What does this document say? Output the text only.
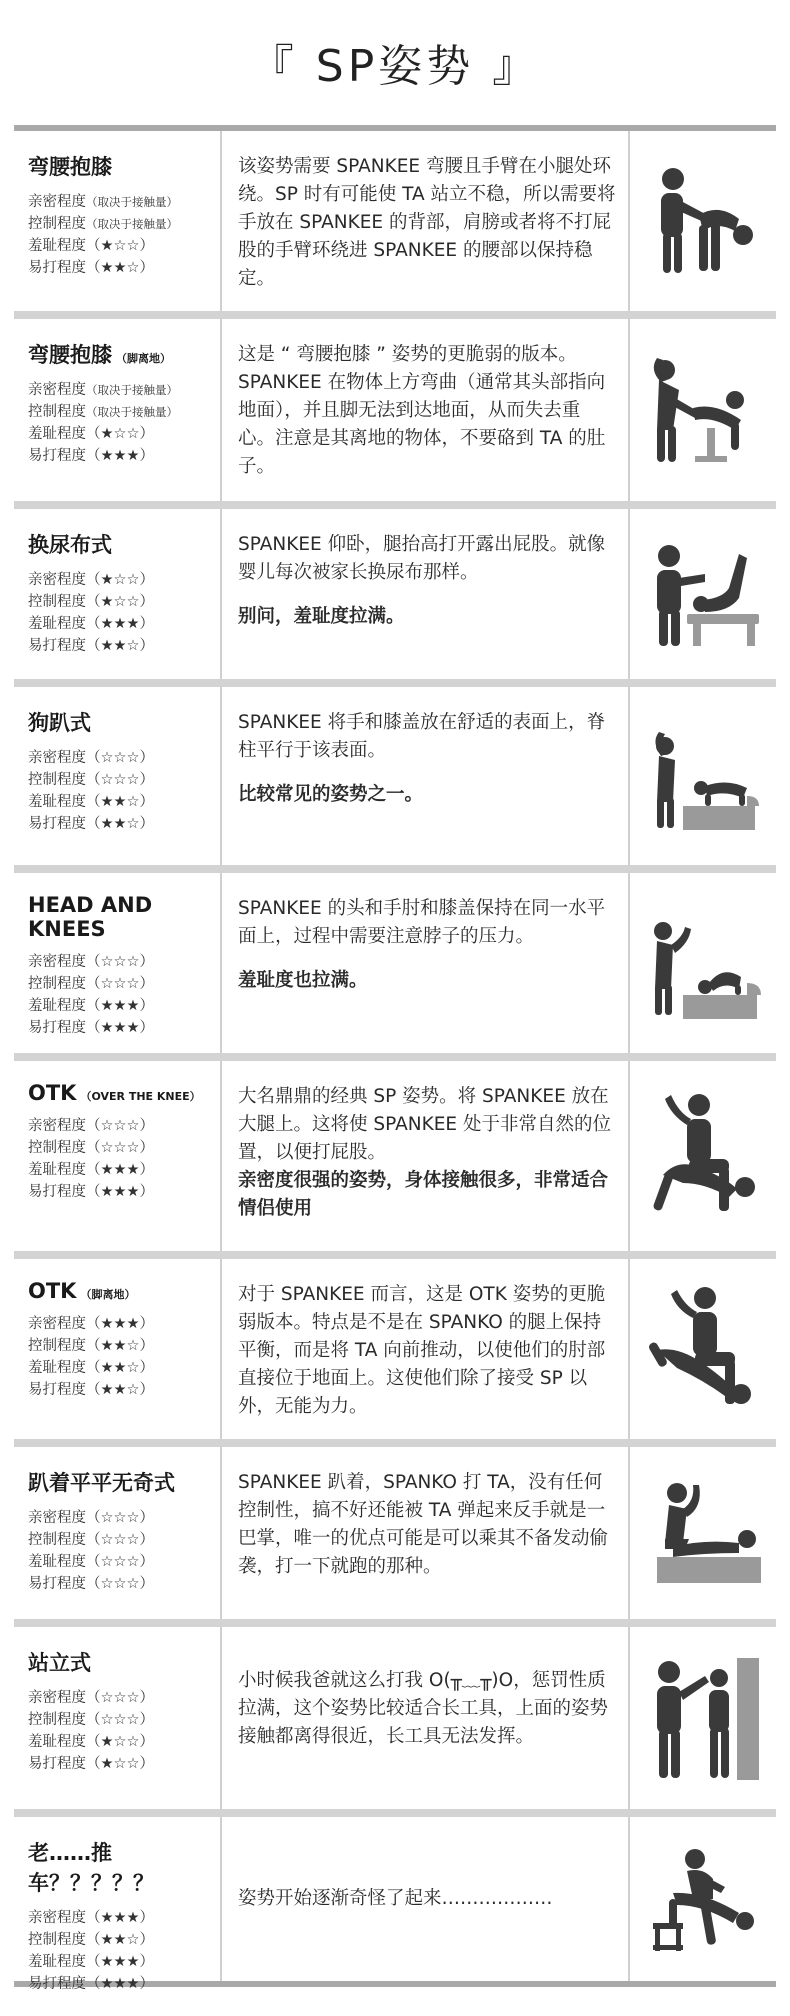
『 SP姿势 』
弯腰抱膝
亲密程度（取决于接触量）
控制程度（取决于接触量）
羞耻程度（★☆☆）
易打程度（★★☆）
该姿势需要 SPANKEE 弯腰且手臂在小腿处环绕。SP 时有可能使 TA 站立不稳，所以需要将手放在 SPANKEE 的背部，肩膀或者将不打屁股的手臂环绕进 SPANKEE 的腰部以保持稳定。
弯腰抱膝 （脚离地）
亲密程度（取决于接触量）
控制程度（取决于接触量）
羞耻程度（★☆☆）
易打程度（★★★）
这是 “ 弯腰抱膝 ” 姿势的更脆弱的版本。SPANKEE 在物体上方弯曲（通常其头部指向地面），并且脚无法到达地面，从而失去重心。注意是其离地的物体，不要硌到 TA 的肚子。
换尿布式
亲密程度（★☆☆）
控制程度（★☆☆）
羞耻程度（★★★）
易打程度（★★☆）
SPANKEE 仰卧，腿抬高打开露出屁股。就像婴儿每次被家长换尿布那样。
别问，羞耻度拉满。
狗趴式
亲密程度（☆☆☆）
控制程度（☆☆☆）
羞耻程度（★★☆）
易打程度（★★☆）
SPANKEE 将手和膝盖放在舒适的表面上，脊柱平行于该表面。
比较常见的姿势之一。
HEAD AND KNEES
亲密程度（☆☆☆）
控制程度（☆☆☆）
羞耻程度（★★★）
易打程度（★★★）
SPANKEE 的头和手肘和膝盖保持在同一水平面上，过程中需要注意脖子的压力。
羞耻度也拉满。
OTK （OVER THE KNEE）
亲密程度（☆☆☆）
控制程度（☆☆☆）
羞耻程度（★★★）
易打程度（★★★）
大名鼎鼎的经典 SP 姿势。将 SPANKEE 放在大腿上。这将使 SPANKEE 处于非常自然的位置，以便打屁股。
亲密度很强的姿势，身体接触很多，非常适合情侣使用
OTK （脚离地）
亲密程度（★★★）
控制程度（★★☆）
羞耻程度（★★☆）
易打程度（★★☆）
对于 SPANKEE 而言，这是 OTK 姿势的更脆弱版本。特点是不是在 SPANKO 的腿上保持平衡，而是将 TA 向前推动，以使他们的肘部直接位于地面上。这使他们除了接受 SP 以外，无能为力。
趴着平平无奇式
亲密程度（☆☆☆）
控制程度（☆☆☆）
羞耻程度（☆☆☆）
易打程度（☆☆☆）
SPANKEE 趴着，SPANKO 打 TA，没有任何控制性，搞不好还能被 TA 弹起来反手就是一巴掌，唯一的优点可能是可以乘其不备发动偷袭，打一下就跑的那种。
站立式
亲密程度（☆☆☆）
控制程度（☆☆☆）
羞耻程度（★☆☆）
易打程度（★☆☆）
小时候我爸就这么打我 O(╥﹏╥)O，惩罚性质拉满，这个姿势比较适合长工具，上面的姿势接触都离得很近，长工具无法发挥。
老……推车？？？？？
亲密程度（★★★）
控制程度（★★☆）
羞耻程度（★★★）
易打程度（★★★）
姿势开始逐渐奇怪了起来………………
